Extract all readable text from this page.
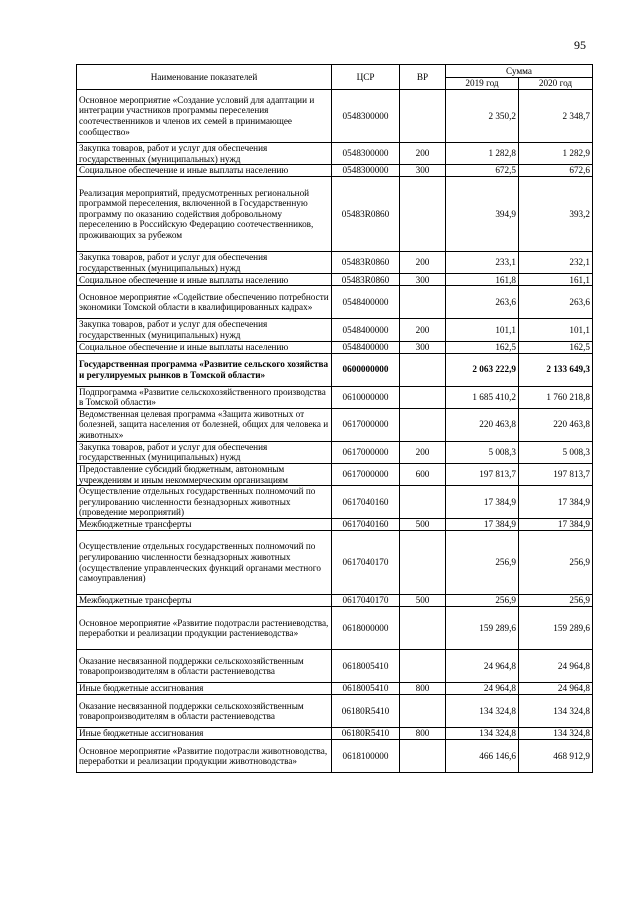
95
Наименование показателей	ЦСР	ВР	Сумма	
			2019 год	2020 год
Основное мероприятие «Создание условий для адаптации и интеграции участников программы переселения соотечественников и членов их семей в принимающее сообщество»	0548300000		2 350,2	2 348,7
Закупка товаров, работ и услуг для обеспечения государственных (муниципальных) нужд	0548300000	200	1 282,8	1 282,9
Социальное обеспечение и иные выплаты населению	0548300000	300	672,5	672,6
Реализация мероприятий, предусмотренных региональной программой переселения, включенной в Государственную программу по оказанию содействия добровольному переселению в Российскую Федерацию соотечественников, проживающих за рубежом	05483R0860		394,9	393,2
Закупка товаров, работ и услуг для обеспечения государственных (муниципальных) нужд	05483R0860	200	233,1	232,1
Социальное обеспечение и иные выплаты населению	05483R0860	300	161,8	161,1
Основное мероприятие «Содействие обеспечению потребности экономики Томской области в квалифицированных кадрах»	0548400000		263,6	263,6
Закупка товаров, работ и услуг для обеспечения государственных (муниципальных) нужд	0548400000	200	101,1	101,1
Социальное обеспечение и иные выплаты населению	0548400000	300	162,5	162,5
Государственная программа «Развитие сельского хозяйства и регулируемых рынков в Томской области»	0600000000		2 063 222,9	2 133 649,3
Подпрограмма «Развитие сельскохозяйственного производства в Томской области»	0610000000		1 685 410,2	1 760 218,8
Ведомственная целевая программа «Защита животных от болезней, защита населения от болезней, общих для человека и животных»	0617000000		220 463,8	220 463,8
Закупка товаров, работ и услуг для обеспечения государственных (муниципальных) нужд	0617000000	200	5 008,3	5 008,3
Предоставление субсидий бюджетным, автономным учреждениям и иным некоммерческим организациям	0617000000	600	197 813,7	197 813,7
Осуществление отдельных государственных полномочий по регулированию численности безнадзорных животных (проведение мероприятий)	0617040160		17 384,9	17 384,9
Межбюджетные трансферты	0617040160	500	17 384,9	17 384,9
Осуществление отдельных государственных полномочий по регулированию численности безнадзорных животных (осуществление управленческих функций органами местного самоуправления)	0617040170		256,9	256,9
Межбюджетные трансферты	0617040170	500	256,9	256,9
Основное мероприятие «Развитие подотрасли растениеводства, переработки и реализации продукции растениеводства»	0618000000		159 289,6	159 289,6
Оказание несвязанной поддержки сельскохозяйственным товаропроизводителям в области растениеводства	0618005410		24 964,8	24 964,8
Иные бюджетные ассигнования	0618005410	800	24 964,8	24 964,8
Оказание несвязанной поддержки сельскохозяйственным товаропроизводителям в области растениеводства	06180R5410		134 324,8	134 324,8
Иные бюджетные ассигнования	06180R5410	800	134 324,8	134 324,8
Основное мероприятие «Развитие подотрасли животноводства, переработки и реализации продукции животноводства»	0618100000		466 146,6	468 912,9
